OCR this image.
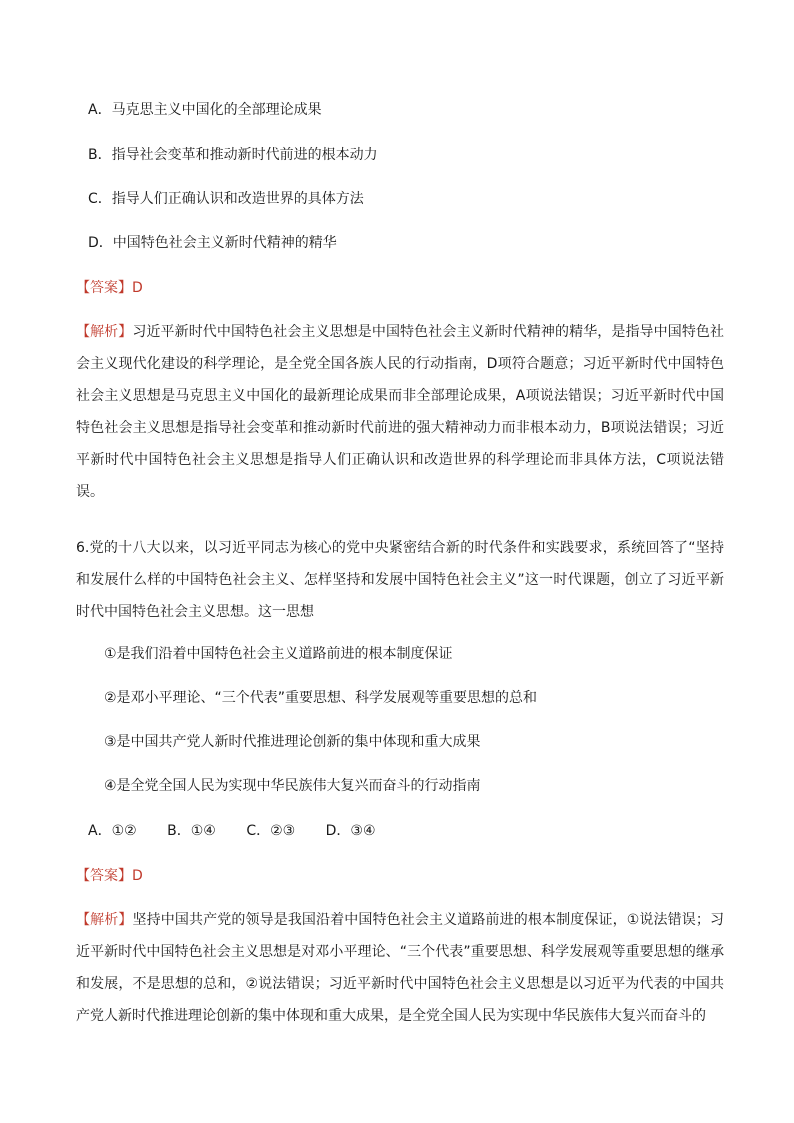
A．马克思主义中国化的全部理论成果
B．指导社会变革和推动新时代前进的根本动力
C．指导人们正确认识和改造世界的具体方法
D．中国特色社会主义新时代精神的精华
【答案】D

【解析】习近平新时代中国特色社会主义思想是中国特色社会主义新时代精神的精华，是指导中国特色社会主义现代化建设的科学理论，是全党全国各族人民的行动指南，D项符合题意；习近平新时代中国特色社会主义思想是马克思主义中国化的最新理论成果而非全部理论成果，A项说法错误；习近平新时代中国特色社会主义思想是指导社会变革和推动新时代前进的强大精神动力而非根本动力，B项说法错误；习近平新时代中国特色社会主义思想是指导人们正确认识和改造世界的科学理论而非具体方法，C项说法错误。

6.党的十八大以来，以习近平同志为核心的党中央紧密结合新的时代条件和实践要求，系统回答了“坚持和发展什么样的中国特色社会主义、怎样坚持和发展中国特色社会主义”这一时代课题，创立了习近平新时代中国特色社会主义思想。这一思想

①是我们沿着中国特色社会主义道路前进的根本制度保证
②是邓小平理论、“三个代表”重要思想、科学发展观等重要思想的总和
③是中国共产党人新时代推进理论创新的集中体现和重大成果
④是全党全国人民为实现中华民族伟大复兴而奋斗的行动指南
A．①② B．①④ C．②③ D．③④
【答案】D

【解析】坚持中国共产党的领导是我国沿着中国特色社会主义道路前进的根本制度保证，①说法错误；习近平新时代中国特色社会主义思想是对邓小平理论、“三个代表”重要思想、科学发展观等重要思想的继承和发展，不是思想的总和，②说法错误；习近平新时代中国特色社会主义思想是以习近平为代表的中国共产党人新时代推进理论创新的集中体现和重大成果，是全党全国人民为实现中华民族伟大复兴而奋斗的
